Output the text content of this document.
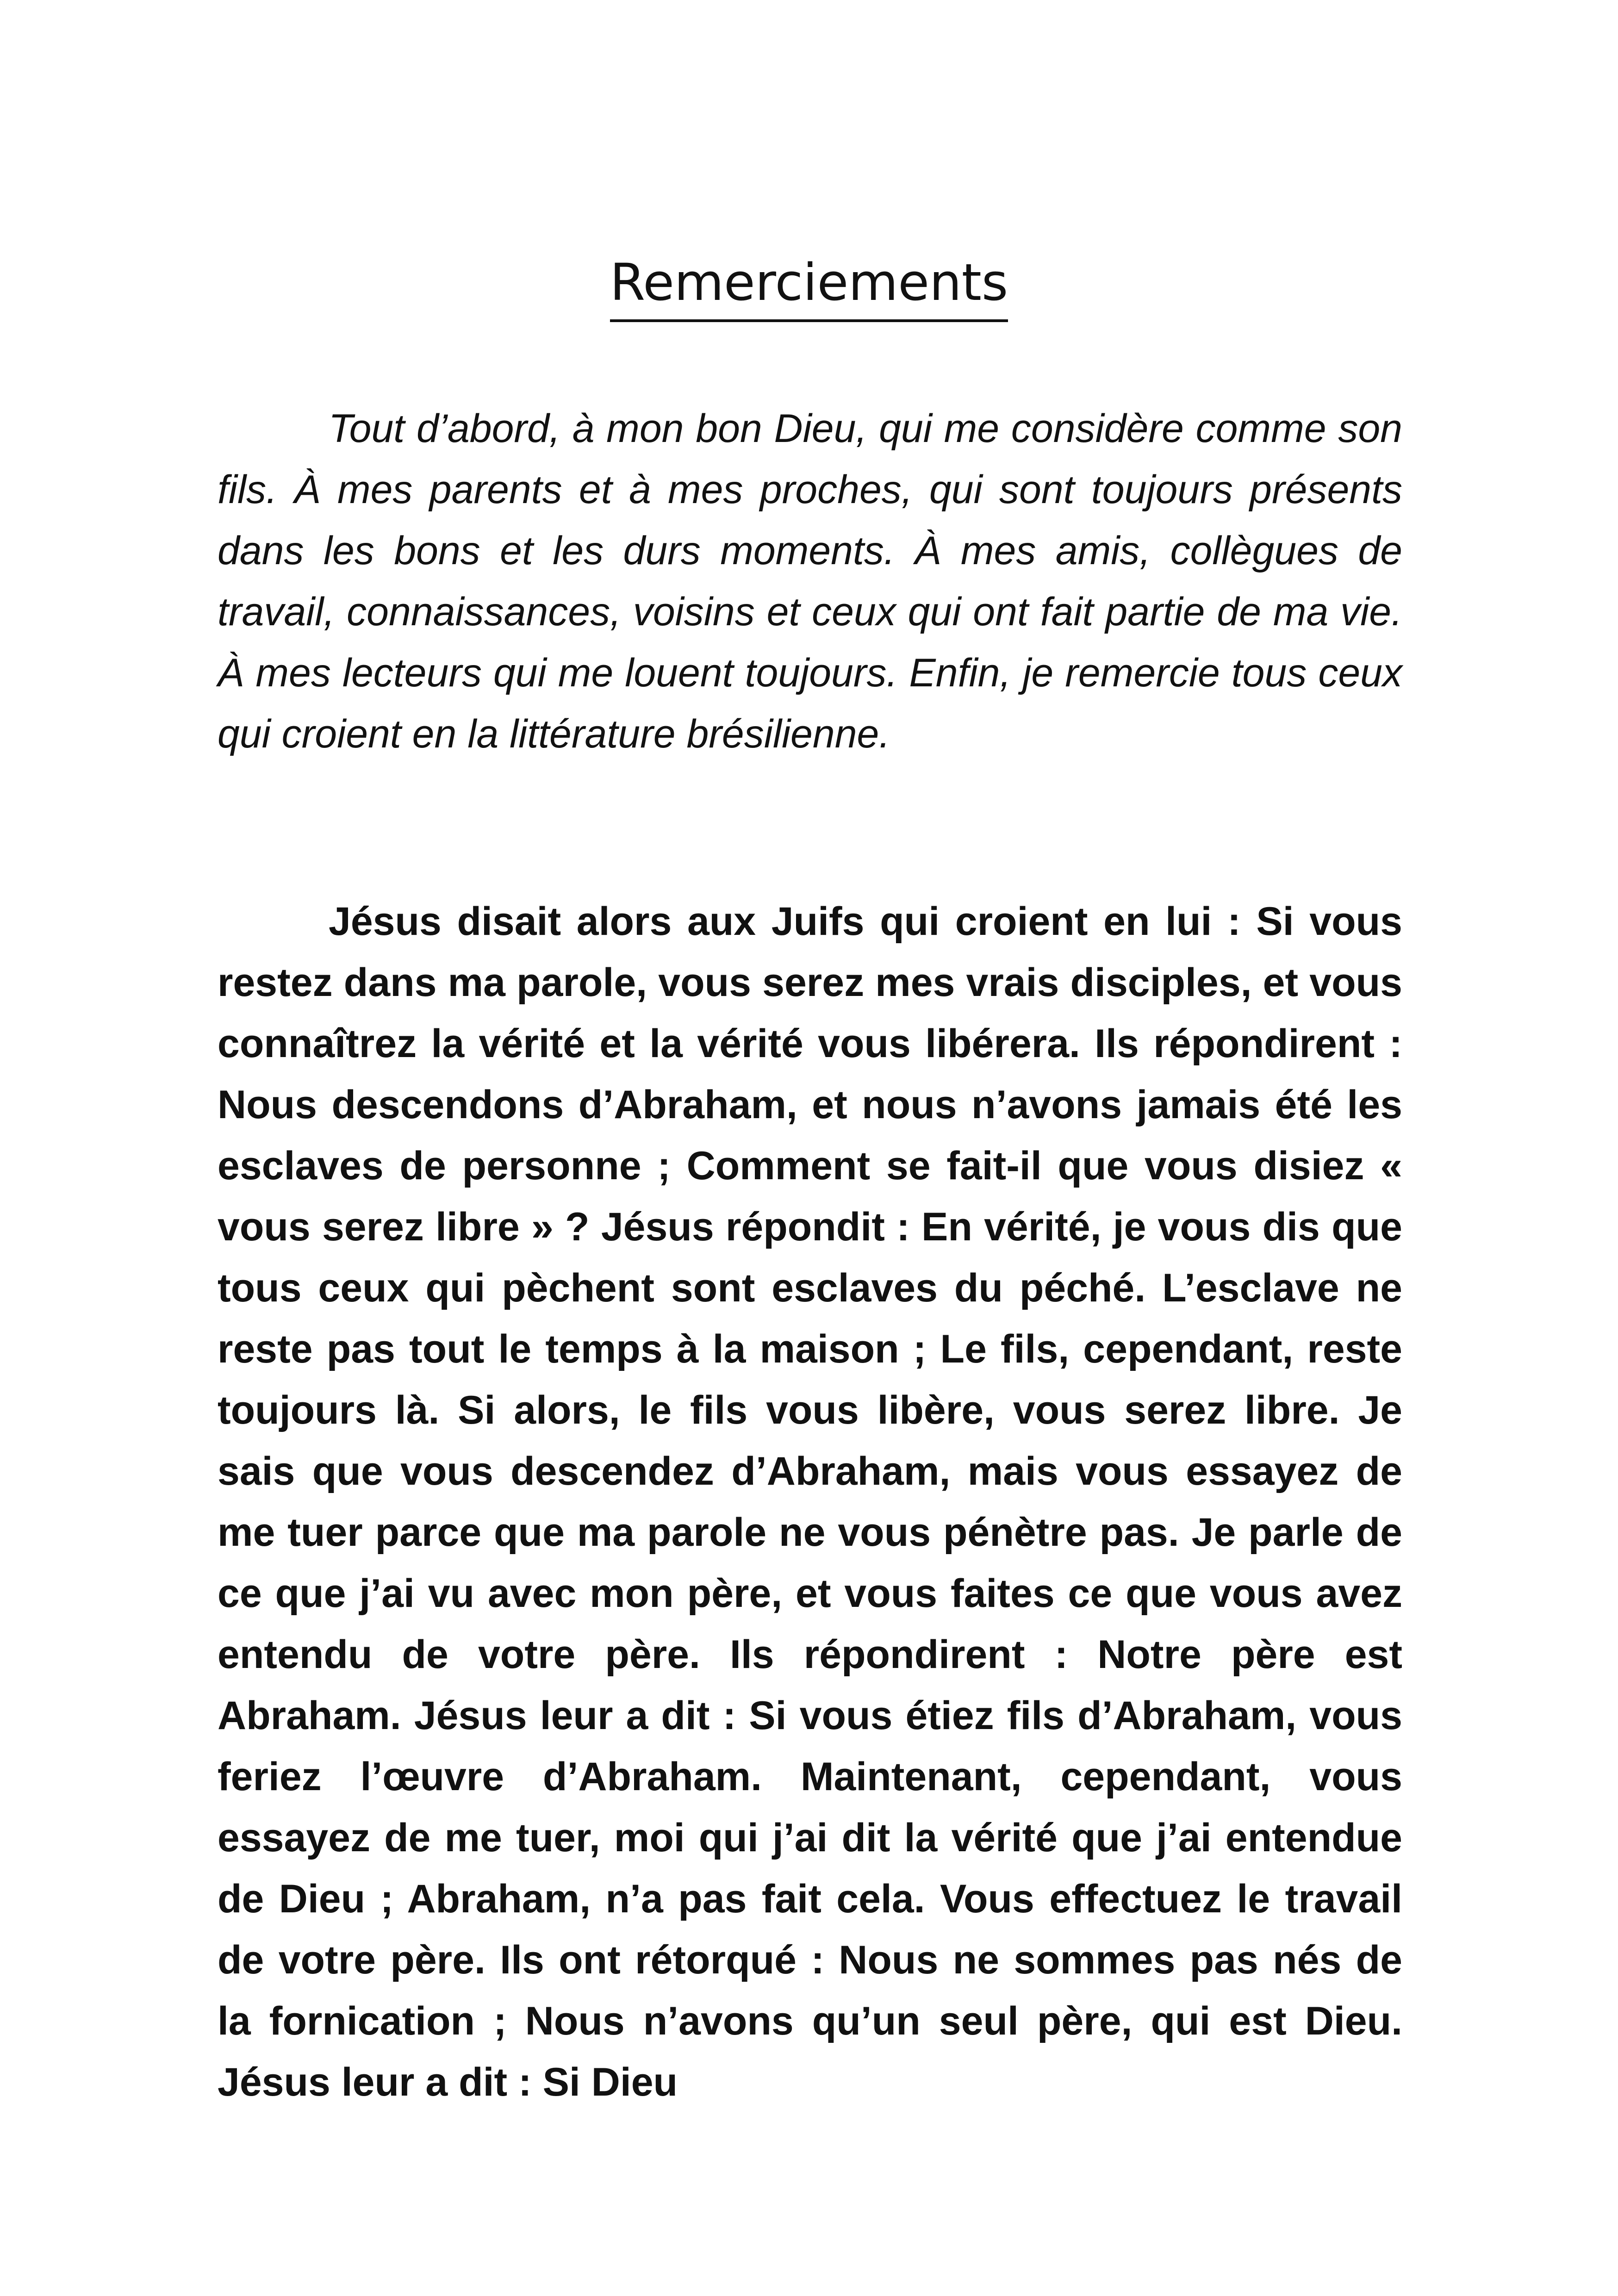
Remerciements

Tout d’abord, à mon bon Dieu, qui me considère comme son fils. À mes parents et à mes proches, qui sont toujours présents dans les bons et les durs moments. À mes amis, collègues de travail, connaissances, voisins et ceux qui ont fait partie de ma vie. À mes lecteurs qui me louent toujours. Enfin, je remercie tous ceux qui croient en la littérature brésilienne.

Jésus disait alors aux Juifs qui croient en lui : Si vous restez dans ma parole, vous serez mes vrais disciples, et vous connaîtrez la vérité et la vérité vous libérera. Ils répondirent : Nous descendons d’Abraham, et nous n’avons jamais été les esclaves de personne ; Comment se fait-il que vous disiez « vous serez libre » ? Jésus répondit : En vérité, je vous dis que tous ceux qui pèchent sont esclaves du péché. L’esclave ne reste pas tout le temps à la maison ; Le fils, cependant, reste toujours là. Si alors, le fils vous libère, vous serez libre. Je sais que vous descendez d’Abraham, mais vous essayez de me tuer parce que ma parole ne vous pénètre pas. Je parle de ce que j’ai vu avec mon père, et vous faites ce que vous avez entendu de votre père. Ils répondirent : Notre père est Abraham. Jésus leur a dit : Si vous étiez fils d’Abraham, vous feriez l’œuvre d’Abraham. Maintenant, cependant, vous essayez de me tuer, moi qui j’ai dit la vérité que j’ai entendue de Dieu ; Abraham, n’a pas fait cela. Vous effectuez le travail de votre père. Ils ont rétorqué : Nous ne sommes pas nés de la fornication ; Nous n’avons qu’un seul père, qui est Dieu. Jésus leur a dit : Si Dieu
